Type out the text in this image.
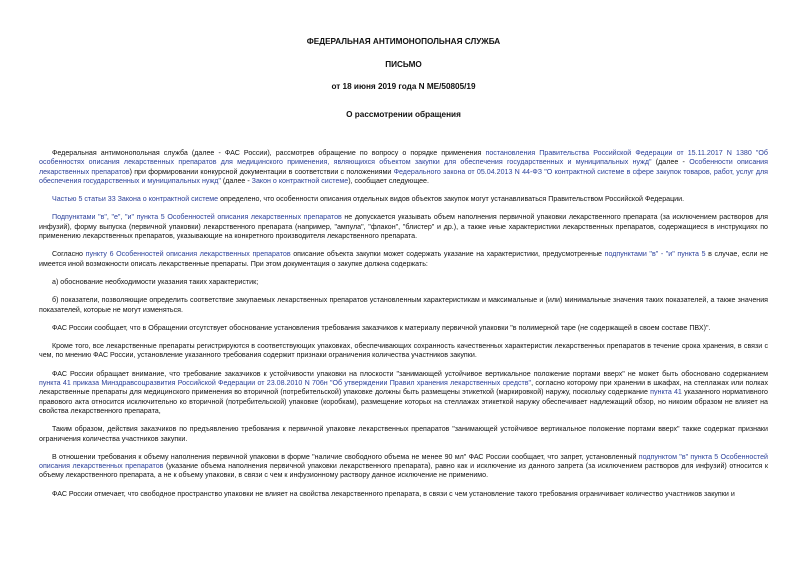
ФЕДЕРАЛЬНАЯ АНТИМОНОПОЛЬНАЯ СЛУЖБА
ПИСЬМО
от 18 июня 2019 года N МЕ/50805/19
О рассмотрении обращения

Федеральная антимонопольная служба (далее - ФАС России), рассмотрев обращение по вопросу о порядке применения постановления Правительства Российской Федерации от 15.11.2017 N 1380 "Об особенностях описания лекарственных препаратов для медицинского применения, являющихся объектом закупки для обеспечения государственных и муниципальных нужд" (далее - Особенности описания лекарственных препаратов) при формировании конкурсной документации в соответствии с положениями Федерального закона от 05.04.2013 N 44-ФЗ "О контрактной системе в сфере закупок товаров, работ, услуг для обеспечения государственных и муниципальных нужд" (далее - Закон о контрактной системе), сообщает следующее.

Частью 5 статьи 33 Закона о контрактной системе определено, что особенности описания отдельных видов объектов закупок могут устанавливаться Правительством Российской Федерации.

Подпунктами "в", "е", "и" пункта 5 Особенностей описания лекарственных препаратов не допускается указывать объем наполнения первичной упаковки лекарственного препарата (за исключением растворов для инфузий), форму выпуска (первичной упаковки) лекарственного препарата (например, "ампула", "флакон", "блистер" и др.), а также иные характеристики лекарственных препаратов, содержащиеся в инструкциях по применению лекарственных препаратов, указывающие на конкретного производителя лекарственного препарата.

Согласно пункту 6 Особенностей описания лекарственных препаратов описание объекта закупки может содержать указание на характеристики, предусмотренные подпунктами "в" - "и" пункта 5 в случае, если не имеется иной возможности описать лекарственные препараты. При этом документация о закупке должна содержать:

а) обоснование необходимости указания таких характеристик;

б) показатели, позволяющие определить соответствие закупаемых лекарственных препаратов установленным характеристикам и максимальные и (или) минимальные значения таких показателей, а также значения показателей, которые не могут изменяться.

ФАС России сообщает, что в Обращении отсутствует обоснование установления требования заказчиков к материалу первичной упаковки "в полимерной таре (не содержащей в своем составе ПВХ)".

Кроме того, все лекарственные препараты регистрируются в соответствующих упаковках, обеспечивающих сохранность качественных характеристик лекарственных препаратов в течение срока хранения, в связи с чем, по мнению ФАС России, установление указанного требования содержит признаки ограничения количества участников закупки.

ФАС России обращает внимание, что требование заказчиков к устойчивости упаковки на плоскости "занимающей устойчивое вертикальное положение портами вверх" не может быть обосновано содержанием пункта 41 приказа Минздравсоцразвития Российской Федерации от 23.08.2010 N 706н "Об утверждении Правил хранения лекарственных средств", согласно которому при хранении в шкафах, на стеллажах или полках лекарственные препараты для медицинского применения во вторичной (потребительской) упаковке должны быть размещены этикеткой (маркировкой) наружу, поскольку содержание пункта 41 указанного нормативного правового акта относится исключительно ко вторичной (потребительской) упаковке (коробкам), размещение которых на стеллажах этикеткой наружу обеспечивает надлежащий обзор, но никоим образом не влияет на свойства лекарственного препарата,

Таким образом, действия заказчиков по предъявлению требования к первичной упаковке лекарственных препаратов "занимающей устойчивое вертикальное положение портами вверх" также содержат признаки ограничения количества участников закупки.

В отношении требования к объему наполнения первичной упаковки в форме "наличие свободного объема не менее 90 мл" ФАС России сообщает, что запрет, установленный подпунктом "в" пункта 5 Особенностей описания лекарственных препаратов (указание объема наполнения первичной упаковки лекарственного препарата), равно как и исключение из данного запрета (за исключением растворов для инфузий) относится к объему лекарственного препарата, а не к объему упаковки, в связи с чем к инфузионному раствору данное исключение не применимо.

ФАС России отмечает, что свободное пространство упаковки не влияет на свойства лекарственного препарата, в связи с чем установление такого требования ограничивает количество участников закупки и
